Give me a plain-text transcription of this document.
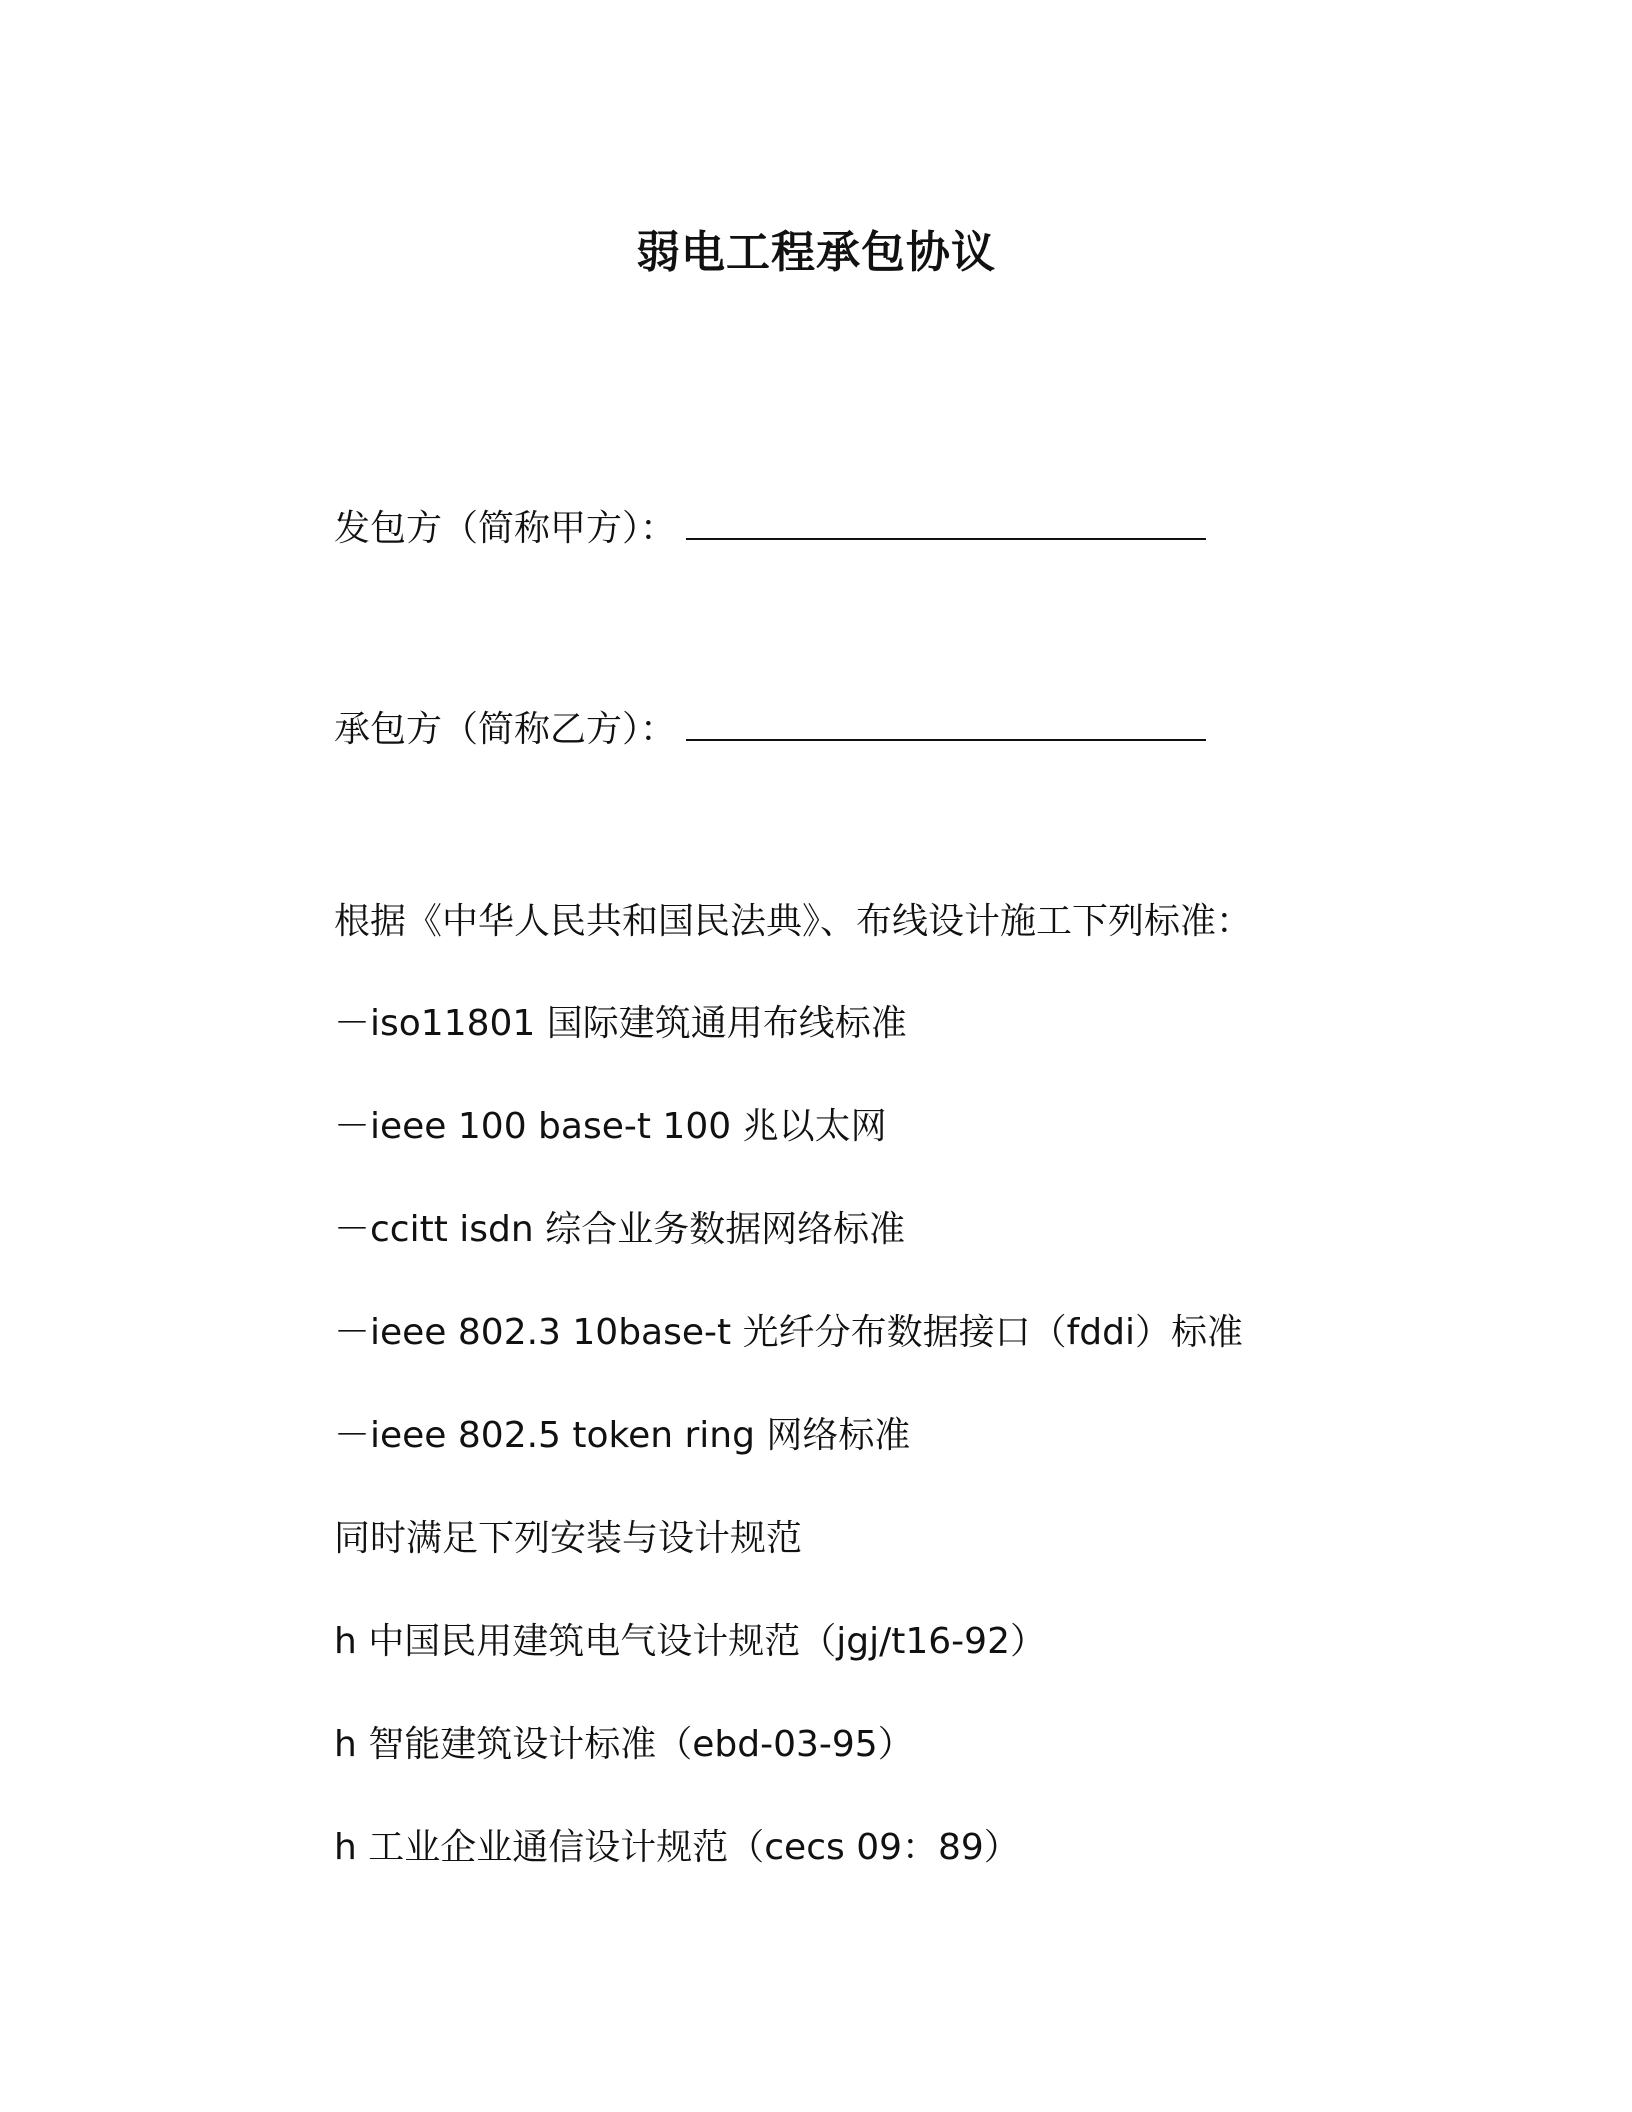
弱电工程承包协议
发包方（简称甲方）：
承包方（简称乙方）：
根据《中华人民共和国民法典》、布线设计施工下列标准：
－iso11801 国际建筑通用布线标准
－ieee 100 base-t 100 兆以太网
－ccitt isdn 综合业务数据网络标准
－ieee 802.3 10base-t 光纤分布数据接口（fddi）标准
－ieee 802.5 token ring 网络标准
同时满足下列安装与设计规范
h 中国民用建筑电气设计规范（jgj/t16-92）
h 智能建筑设计标准（ebd-03-95）
h 工业企业通信设计规范（cecs 09：89）
